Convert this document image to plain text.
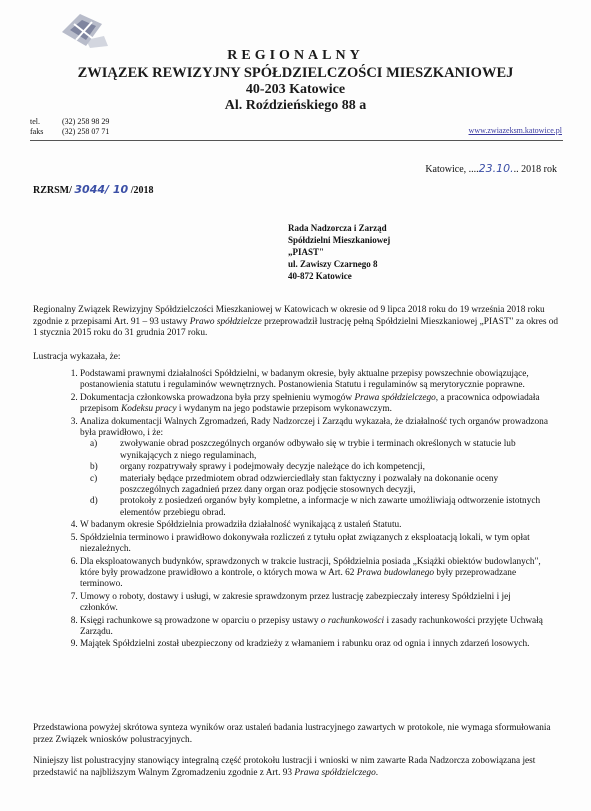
REGIONALNY
ZWIĄZEK REWIZYJNY SPÓŁDZIELCZOŚCI MIESZKANIOWEJ
40-203 Katowice
Al. Roździeńskiego 88 a
tel.	(32) 258 98 29
faks (32) 258 07 71	www.zwiazeksm.katowice.pl
Katowice, ....23.10... 2018 rok
RZRSM/ 3044/ 10 /2018
Rada Nadzorcza i Zarząd
Spółdzielni Mieszkaniowej
„PIAST"
ul. Zawiszy Czarnego 8
40-872 Katowice
Regionalny Związek Rewizyjny Spółdzielczości Mieszkaniowej w Katowicach w okresie od 9 lipca 2018 roku do 19 września 2018 roku zgodnie z przepisami Art. 91 – 93 ustawy Prawo spółdzielcze przeprowadził lustrację pełną Spółdzielni Mieszkaniowej „PIAST" za okres od 1 stycznia 2015 roku do 31 grudnia 2017 roku.
Lustracja wykazała, że:
1. Podstawami prawnymi działalności Spółdzielni, w badanym okresie, były aktualne przepisy powszechnie obowiązujące, postanowienia statutu i regulaminów wewnętrznych. Postanowienia Statutu i regulaminów są merytorycznie poprawne.
2. Dokumentacja członkowska prowadzona była przy spełnieniu wymogów Prawa spółdzielczego, a pracownica odpowiadała przepisom Kodeksu pracy i wydanym na jego podstawie przepisom wykonawczym.
3. Analiza dokumentacji Walnych Zgromadzeń, Rady Nadzorczej i Zarządu wykazała, że działalność tych organów prowadzona była prawidłowo, i że:
a) zwoływanie obrad poszczególnych organów odbywało się w trybie i terminach określonych w statucie lub wynikających z niego regulaminach,
b) organy rozpatrywały sprawy i podejmowały decyzje należące do ich kompetencji,
c) materiały będące przedmiotem obrad odzwierciedlały stan faktyczny i pozwalały na dokonanie oceny poszczególnych zagadnień przez dany organ oraz podjęcie stosownych decyzji,
d) protokoły z posiedzeń organów były kompletne, a informacje w nich zawarte umożliwiają odtworzenie istotnych elementów przebiegu obrad.
4. W badanym okresie Spółdzielnia prowadziła działalność wynikającą z ustaleń Statutu.
5. Spółdzielnia terminowo i prawidłowo dokonywała rozliczeń z tytułu opłat związanych z eksploatacją lokali, w tym opłat niezależnych.
6. Dla eksploatowanych budynków, sprawdzonych w trakcie lustracji, Spółdzielnia posiada „Książki obiektów budowlanych", które były prowadzone prawidłowo a kontrole, o których mowa w Art. 62 Prawa budowlanego były przeprowadzane terminowo.
7. Umowy o roboty, dostawy i usługi, w zakresie sprawdzonym przez lustrację zabezpieczały interesy Spółdzielni i jej członków.
8. Księgi rachunkowe są prowadzone w oparciu o przepisy ustawy o rachunkowości i zasady rachunkowości przyjęte Uchwałą Zarządu.
9. Majątek Spółdzielni został ubezpieczony od kradzieży z włamaniem i rabunku oraz od ognia i innych zdarzeń losowych.
Przedstawiona powyżej skrótowa synteza wyników oraz ustaleń badania lustracyjnego zawartych w protokole, nie wymaga sformułowania przez Związek wniosków polustracyjnych.
Niniejszy list polustracyjny stanowiący integralną część protokołu lustracji i wnioski w nim zawarte Rada Nadzorcza zobowiązana jest przedstawić na najbliższym Walnym Zgromadzeniu zgodnie z Art. 93 Prawa spółdzielczego.
